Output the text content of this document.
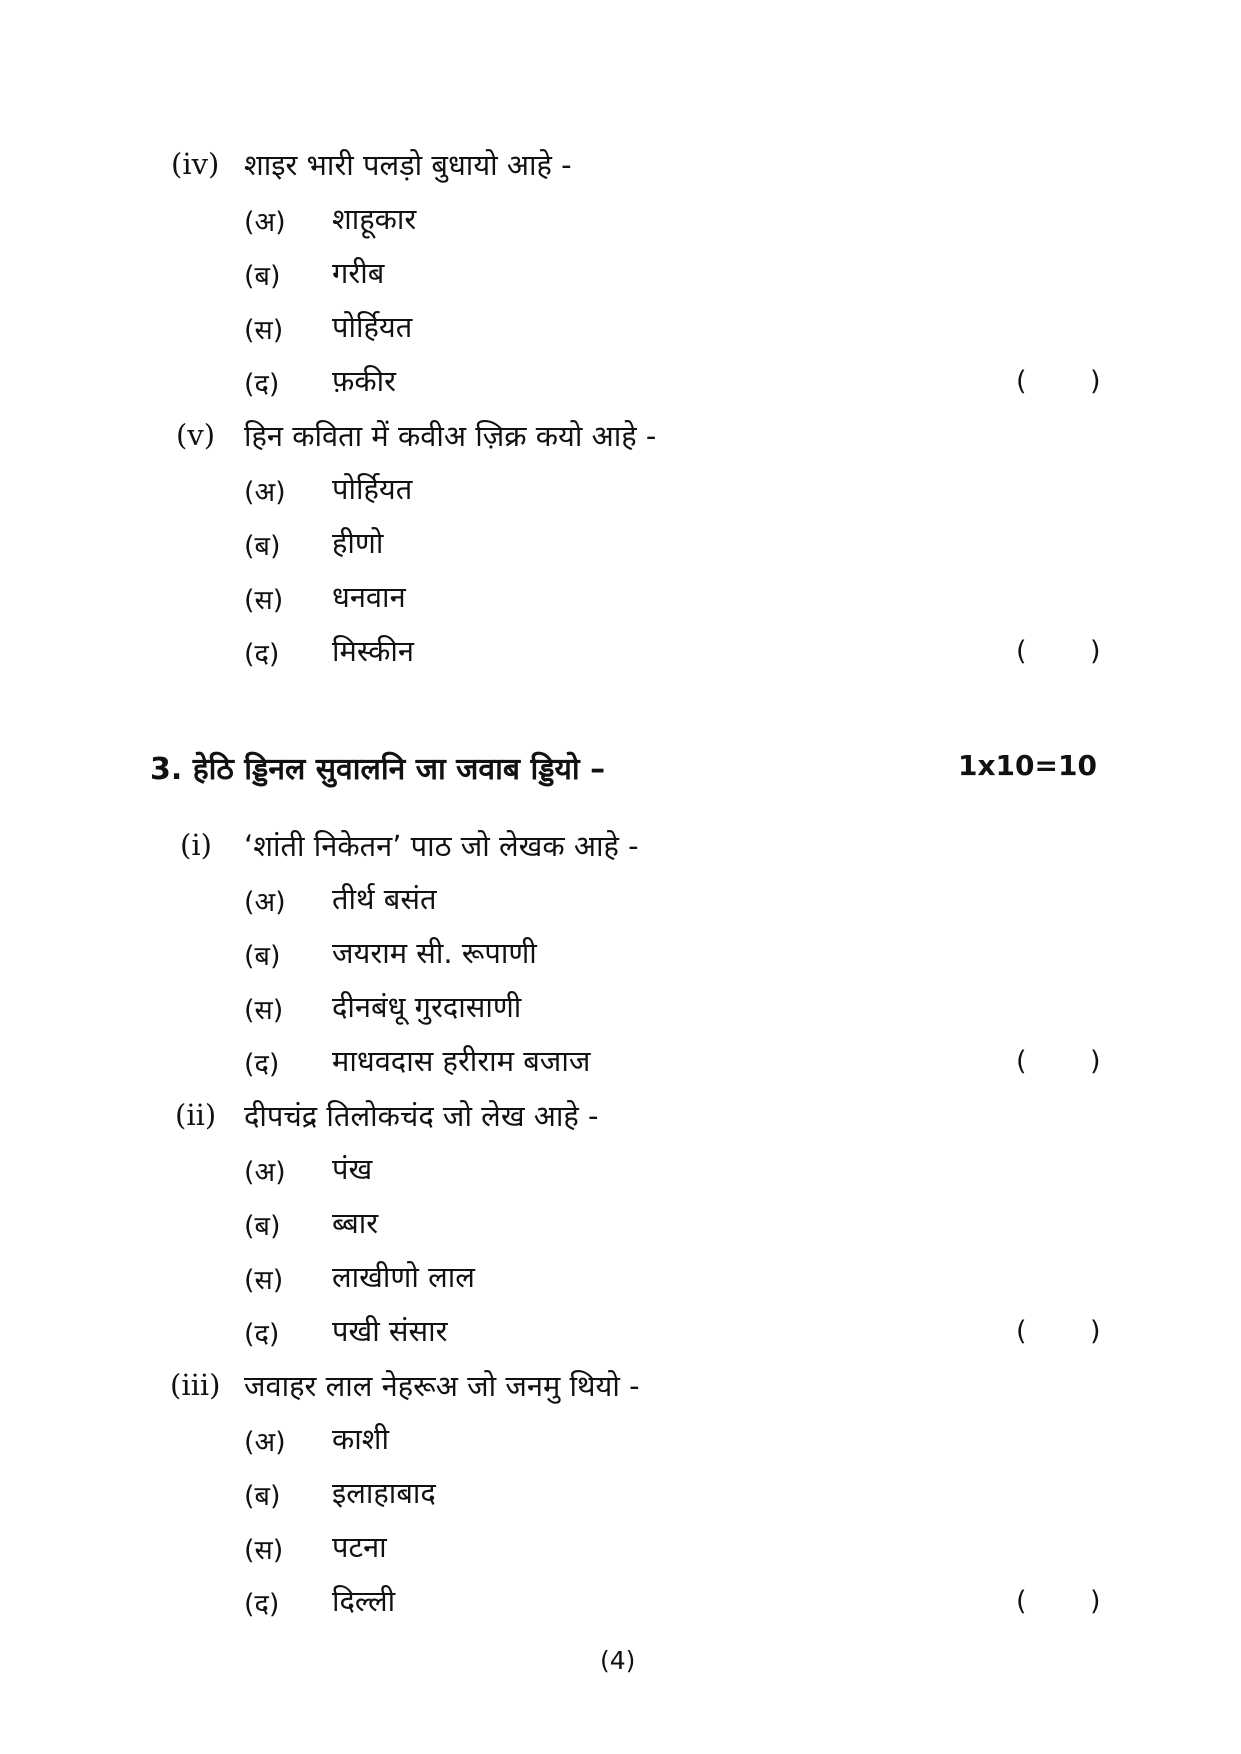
(iv) शाइर भारी पलड़ो बुधायो आहे -
(अ) शाहूकार
(ब) गरीब
(स) पोर्हियत
(द) फ़कीर	( )
(v) हिन कविता में कवीअ ज़िक्र कयो आहे -
(अ) पोर्हियत
(ब) हीणो
(स) धनवान
(द) मिस्कीन	( )
3. हेठि ड्डिनल सुवालनि जा जवाब ड्डियो –	1x10=10
(i) ‘शांती निकेतन’ पाठ जो लेखक आहे -
(अ) तीर्थ बसंत
(ब) जयराम सी. रूपाणी
(स) दीनबंधू गुरदासाणी
(द) माधवदास हरीराम बजाज	( )
(ii) दीपचंद्र तिलोकचंद जो लेख आहे -
(अ) पंख
(ब) ब्बार
(स) लाखीणो लाल
(द) पखी संसार	( )
(iii) जवाहर लाल नेहरूअ जो जनमु थियो -
(अ) काशी
(ब) इलाहाबाद
(स) पटना
(द) दिल्ली	( )
(4)
